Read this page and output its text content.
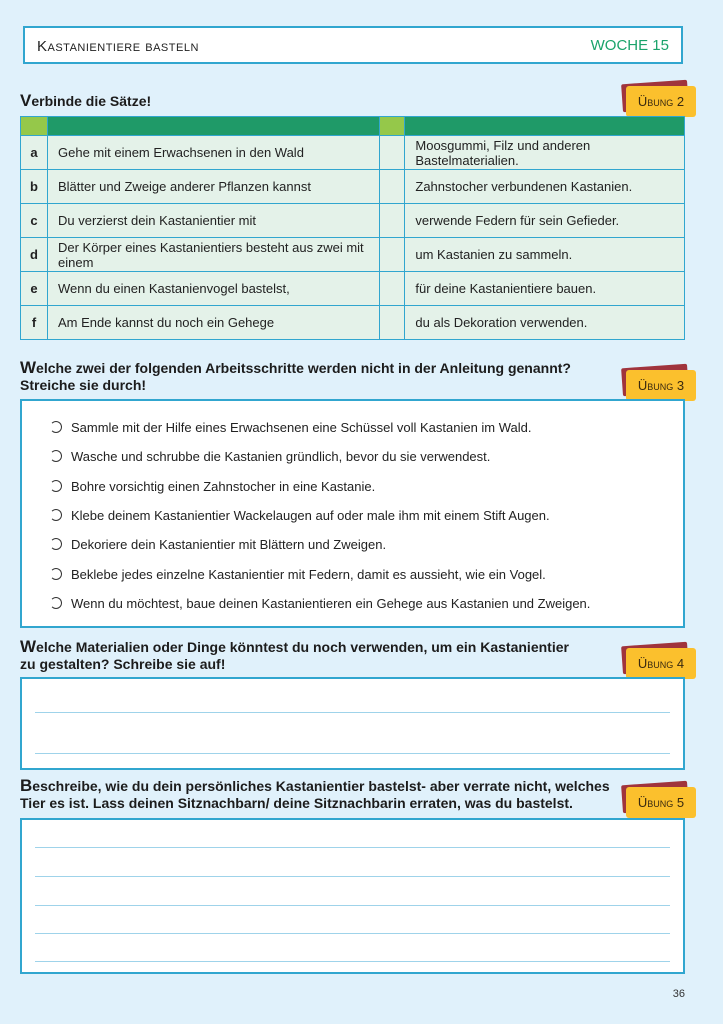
Kastanientiere basteln	WOCHE 15
Verbinde die Sätze!	Übung 2

a	Gehe mit einem Erwachsenen in den Wald		Moosgummi, Filz und anderen Bastelmaterialien.
b	Blätter und Zweige anderer Pflanzen kannst		Zahnstocher verbundenen Kastanien.
c	Du verzierst dein Kastanientier mit		verwende Federn für sein Gefieder.
d	Der Körper eines Kastanientiers besteht aus zwei mit einem		um Kastanien zu sammeln.
e	Wenn du einen Kastanienvogel bastelst,		für deine Kastanientiere bauen.
f	Am Ende kannst du noch ein Gehege		du als Dekoration verwenden.
Welche zwei der folgenden Arbeitsschritte werden nicht in der Anleitung genannt?
Streiche sie durch!	Übung 3
Sammle mit der Hilfe eines Erwachsenen eine Schüssel voll Kastanien im Wald.
Wasche und schrubbe die Kastanien gründlich, bevor du sie verwendest.
Bohre vorsichtig einen Zahnstocher in eine Kastanie.
Klebe deinem Kastanientier Wackelaugen auf oder male ihm mit einem Stift Augen.
Dekoriere dein Kastanientier mit Blättern und Zweigen.
Beklebe jedes einzelne Kastanientier mit Federn, damit es aussieht, wie ein Vogel.
Wenn du möchtest, baue deinen Kastanientieren ein Gehege aus Kastanien und Zweigen.
Welche Materialien oder Dinge könntest du noch verwenden, um ein Kastanientier
zu gestalten? Schreibe sie auf!	Übung 4
Beschreibe, wie du dein persönliches Kastanientier bastelst- aber verrate nicht, welches
Tier es ist. Lass deinen Sitznachbarn/ deine Sitznachbarin erraten, was du bastelst.	Übung 5
36
